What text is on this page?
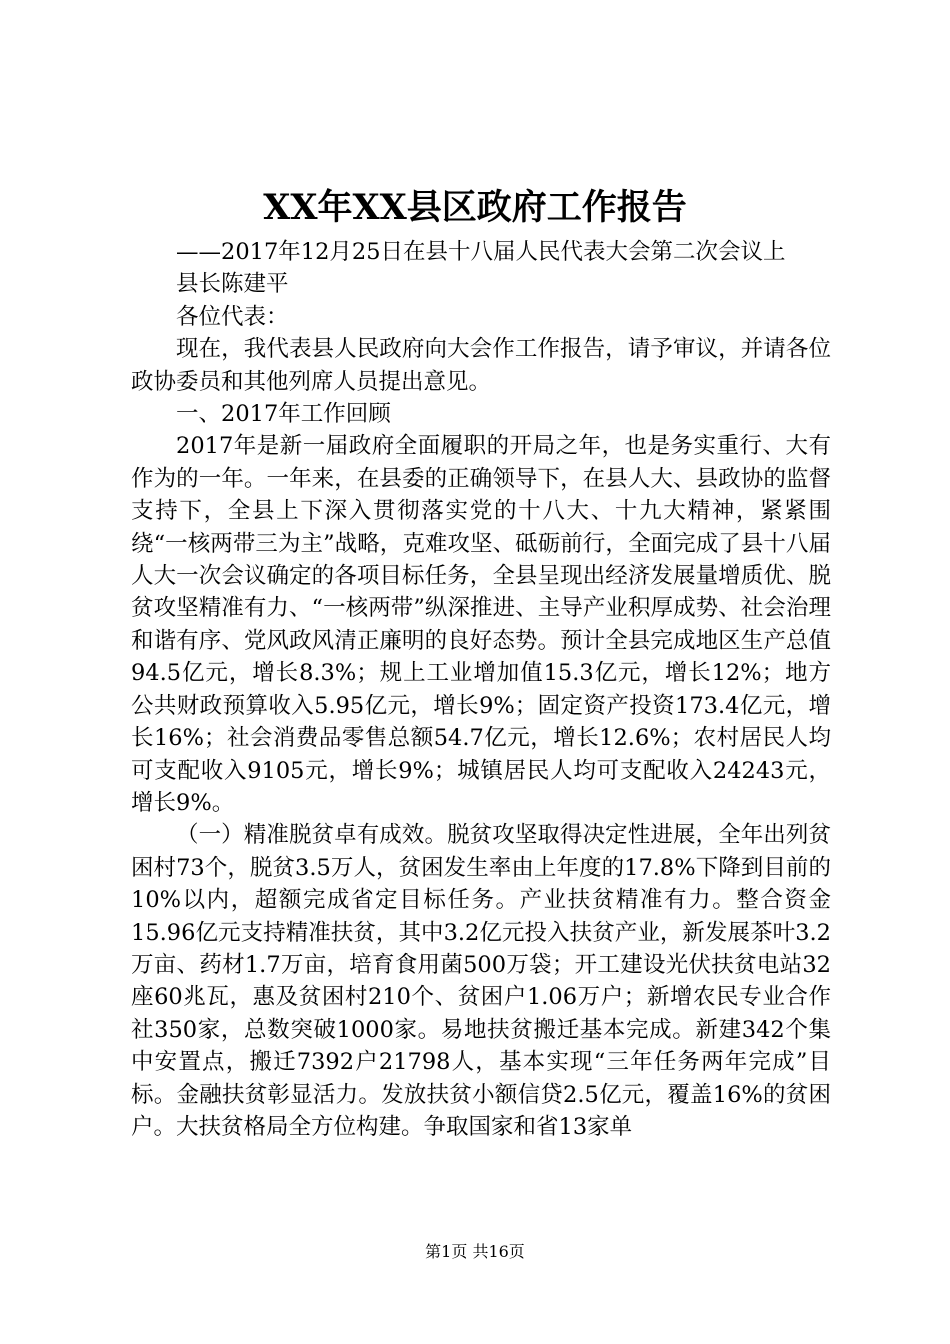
XX年XX县区政府工作报告

——2017年12月25日在县十八届人民代表大会第二次会议上

县长陈建平

各位代表：

现在，我代表县人民政府向大会作工作报告，请予审议，并请各位政协委员和其他列席人员提出意见。

一、2017年工作回顾

2017年是新一届政府全面履职的开局之年，也是务实重行、大有作为的一年。一年来，在县委的正确领导下，在县人大、县政协的监督支持下，全县上下深入贯彻落实党的十八大、十九大精神，紧紧围绕“一核两带三为主”战略，克难攻坚、砥砺前行，全面完成了县十八届人大一次会议确定的各项目标任务，全县呈现出经济发展量增质优、脱贫攻坚精准有力、“一核两带”纵深推进、主导产业积厚成势、社会治理和谐有序、党风政风清正廉明的良好态势。预计全县完成地区生产总值94.5亿元，增长8.3%；规上工业增加值15.3亿元，增长12%；地方公共财政预算收入5.95亿元，增长9%；固定资产投资173.4亿元，增长16%；社会消费品零售总额54.7亿元，增长12.6%；农村居民人均可支配收入9105元，增长9%；城镇居民人均可支配收入24243元，增长9%。

（一）精准脱贫卓有成效。脱贫攻坚取得决定性进展，全年出列贫困村73个，脱贫3.5万人，贫困发生率由上年度的17.8%下降到目前的10%以内，超额完成省定目标任务。产业扶贫精准有力。整合资金15.96亿元支持精准扶贫，其中3.2亿元投入扶贫产业，新发展茶叶3.2万亩、药材1.7万亩，培育食用菌500万袋；开工建设光伏扶贫电站32座60兆瓦，惠及贫困村210个、贫困户1.06万户；新增农民专业合作社350家，总数突破1000家。易地扶贫搬迁基本完成。新建342个集中安置点，搬迁7392户21798人，基本实现“三年任务两年完成”目标。金融扶贫彰显活力。发放扶贫小额信贷2.5亿元，覆盖16%的贫困户。大扶贫格局全方位构建。争取国家和省13家单

第1页 共16页
